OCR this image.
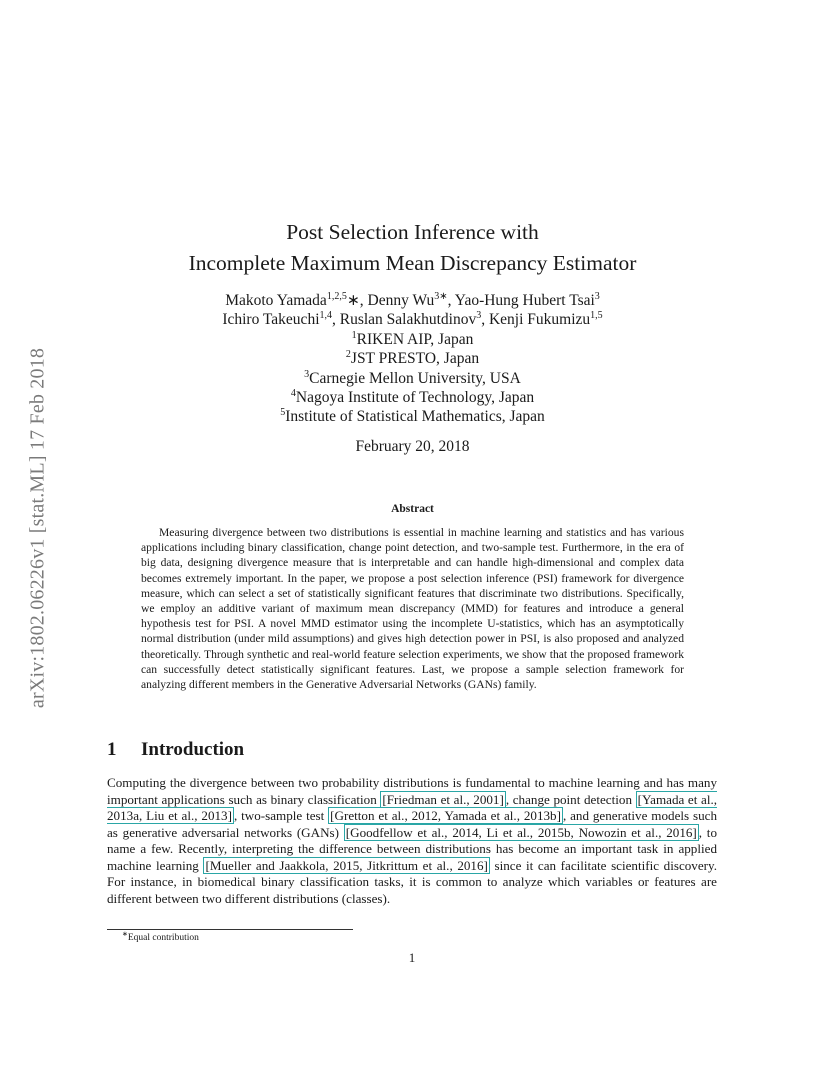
arXiv:1802.06226v1 [stat.ML] 17 Feb 2018
Post Selection Inference with
Incomplete Maximum Mean Discrepancy Estimator
Makoto Yamada$^{1,2,5}$∗, Denny $Wu^{3∗}$, Yao-Hung Hubert Tsai$^3$
Ichiro Takeuchi$^{1,4}$, Ruslan Salakhutdinov$^3$, Kenji Fukumizu$^{1,5}$
$^1$RIKEN AIP, Japan
$^2$JST PRESTO, Japan
$^3$Carnegie Mellon University, USA
$^4$Nagoya Institute of Technology, Japan
$^5$Institute of Statistical Mathematics, Japan
February 20, 2018
Abstract
Measuring divergence between two distributions is essential in machine learning and statistics and has various applications including binary classification, change point detection, and two-sample test. Furthermore, in the era of big data, designing divergence measure that is interpretable and can handle high-dimensional and complex data becomes extremely important. In the paper, we propose a post selection inference (PSI) framework for divergence measure, which can select a set of statistically significant features that discriminate two distributions. Specifically, we employ an additive variant of maximum mean discrepancy (MMD) for features and introduce a general hypothesis test for PSI. A novel MMD estimator using the incomplete U-statistics, which has an asymptotically normal distribution (under mild assumptions) and gives high detection power in PSI, is also proposed and analyzed theoretically. Through synthetic and real-world feature selection experiments, we show that the proposed framework can successfully detect statistically significant features. Last, we propose a sample selection framework for analyzing different members in the Generative Adversarial Networks (GANs) family.
1 Introduction
Computing the divergence between two probability distributions is fundamental to machine learning and has many important applications such as binary classification [Friedman et al., 2001] , change point detection [Yamada et al., 2013a, Liu et al., 2013] , two-sample test [Gretton et al., 2012, Yamada et al., 2013b] , and generative models such as generative adversarial networks (GANs) [Goodfellow et al., 2014, Li et al., 2015b, Nowozin et al., 2016] , to name a few. Recently, interpreting the difference between distributions has become an important task in applied machine learning [Mueller and Jaakkola, 2015, Jitkrittum et al., 2016] since it can facilitate scientific discovery. For instance, in biomedical binary classification tasks, it is common to analyze which variables or features are different between two different distributions (classes).
∗Equal contribution
1
